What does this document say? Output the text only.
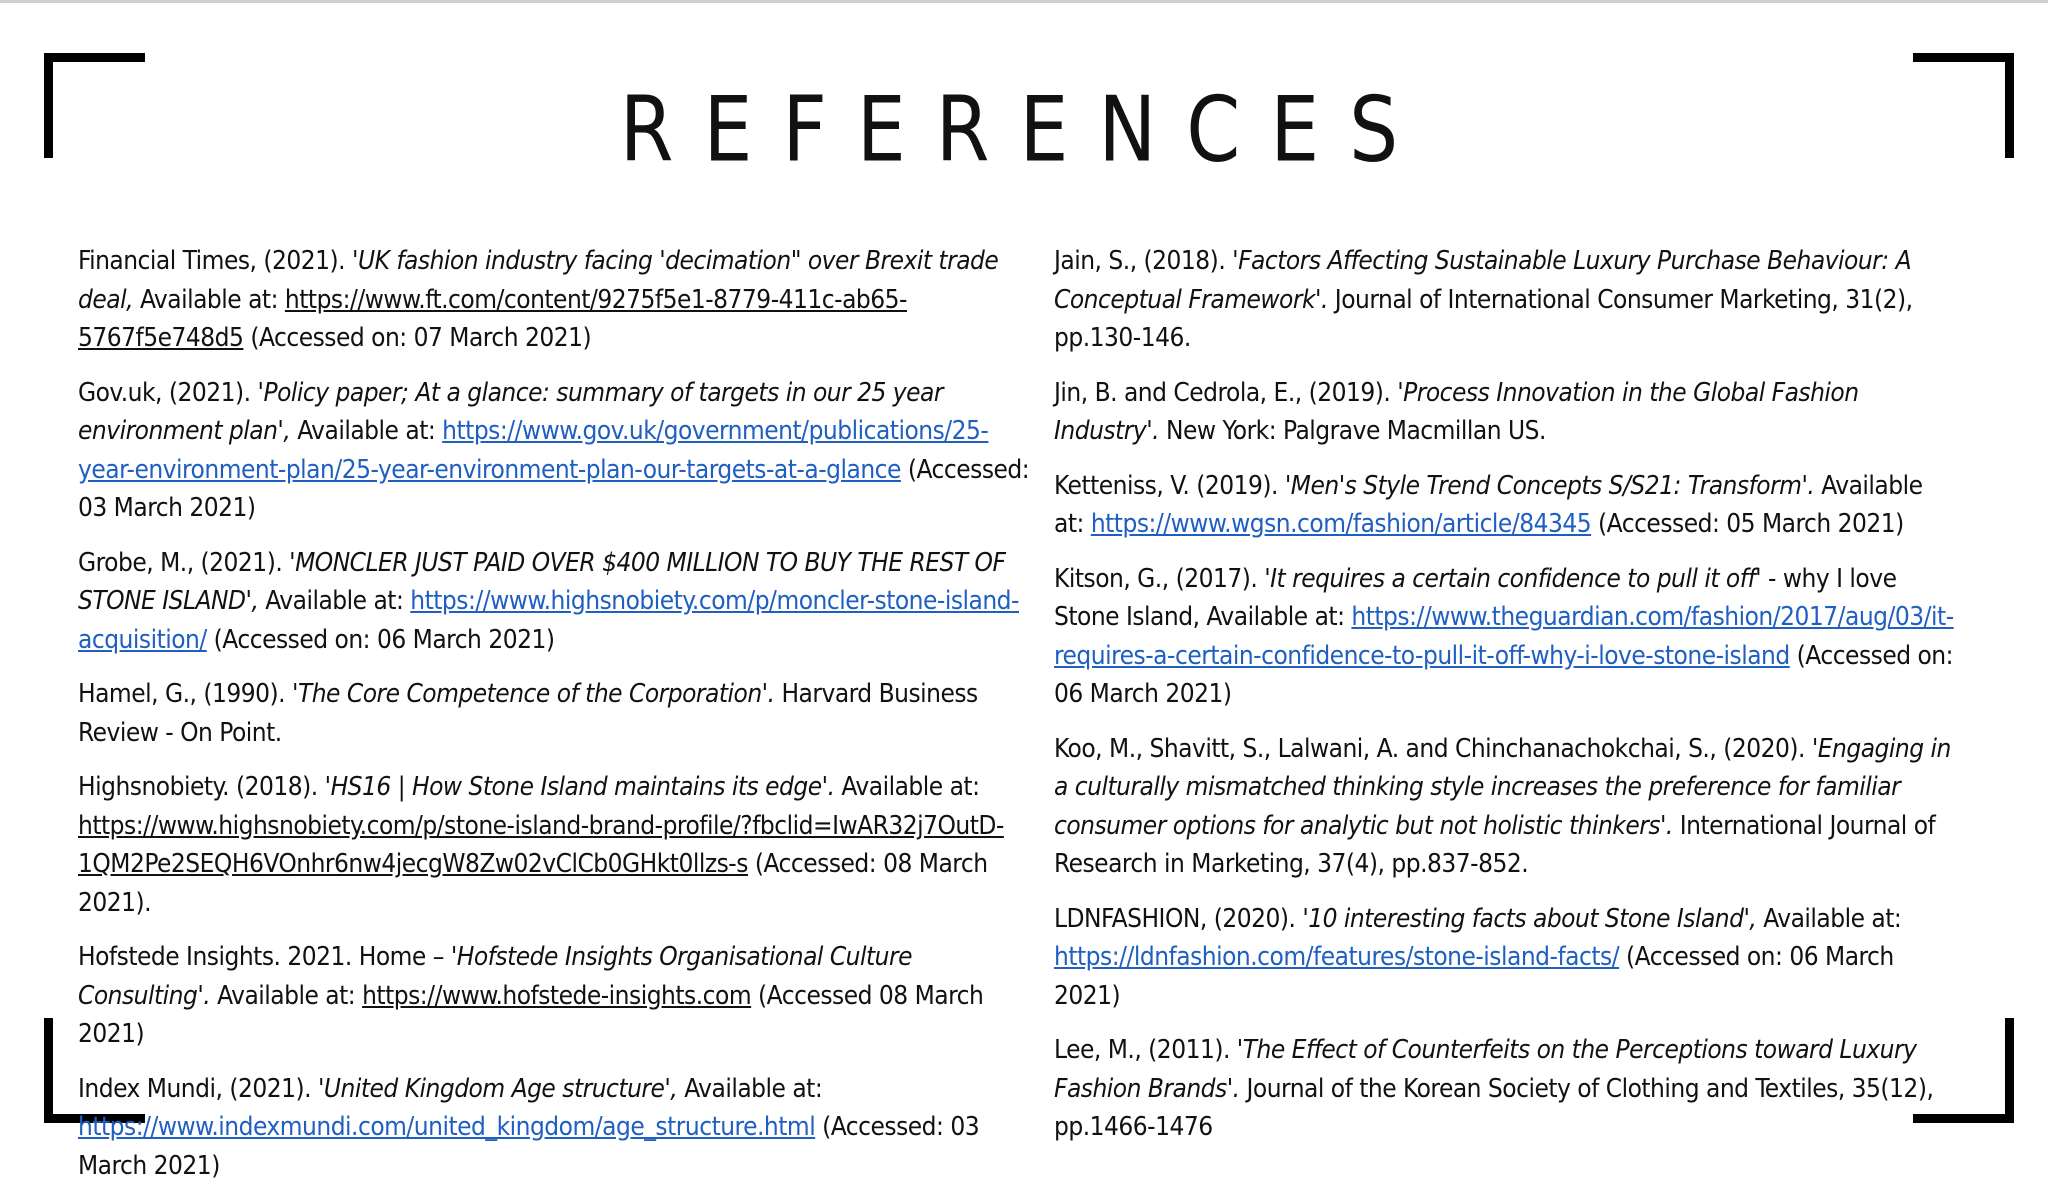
REFERENCES

Financial Times, (2021). 'UK fashion industry facing 'decimation" over Brexit trade deal, Available at: https://www.ft.com/content/9275f5e1-8779-411c-ab65-5767f5e748d5 (Accessed on: 07 March 2021)

Gov.uk, (2021). 'Policy paper; At a glance: summary of targets in our 25 year environment plan', Available at: https://www.gov.uk/government/publications/25-year-environment-plan/25-year-environment-plan-our-targets-at-a-glance (Accessed: 03 March 2021)

Grobe, M., (2021). 'MONCLER JUST PAID OVER $400 MILLION TO BUY THE REST OF STONE ISLAND', Available at: https://www.highsnobiety.com/p/moncler-stone-island-acquisition/ (Accessed on: 06 March 2021)

Hamel, G., (1990). 'The Core Competence of the Corporation'. Harvard Business Review - On Point.

Highsnobiety. (2018). 'HS16 | How Stone Island maintains its edge'. Available at: https://www.highsnobiety.com/p/stone-island-brand-profile/?fbclid=IwAR32j7OutD-1QM2Pe2SEQH6VOnhr6nw4jecgW8Zw02vClCb0GHkt0llzs-s (Accessed: 08 March 2021).

Hofstede Insights. 2021. Home – 'Hofstede Insights Organisational Culture Consulting'. Available at: https://www.hofstede-insights.com (Accessed 08 March 2021)

Index Mundi, (2021). 'United Kingdom Age structure', Available at: https://www.indexmundi.com/united_kingdom/age_structure.html (Accessed: 03 March 2021)

Jain, S., (2018). 'Factors Affecting Sustainable Luxury Purchase Behaviour: A Conceptual Framework'. Journal of International Consumer Marketing, 31(2), pp.130-146.

Jin, B. and Cedrola, E., (2019). 'Process Innovation in the Global Fashion Industry'. New York: Palgrave Macmillan US.

Ketteniss, V. (2019). 'Men's Style Trend Concepts S/S21: Transform'. Available at: https://www.wgsn.com/fashion/article/84345 (Accessed: 05 March 2021)

Kitson, G., (2017). 'It requires a certain confidence to pull it off' - why I love Stone Island, Available at: https://www.theguardian.com/fashion/2017/aug/03/it-requires-a-certain-confidence-to-pull-it-off-why-i-love-stone-island (Accessed on: 06 March 2021)

Koo, M., Shavitt, S., Lalwani, A. and Chinchanachokchai, S., (2020). 'Engaging in a culturally mismatched thinking style increases the preference for familiar consumer options for analytic but not holistic thinkers'. International Journal of Research in Marketing, 37(4), pp.837-852.

LDNFASHION, (2020). '10 interesting facts about Stone Island', Available at: https://ldnfashion.com/features/stone-island-facts/ (Accessed on: 06 March 2021)

Lee, M., (2011). 'The Effect of Counterfeits on the Perceptions toward Luxury Fashion Brands'. Journal of the Korean Society of Clothing and Textiles, 35(12), pp.1466-1476
